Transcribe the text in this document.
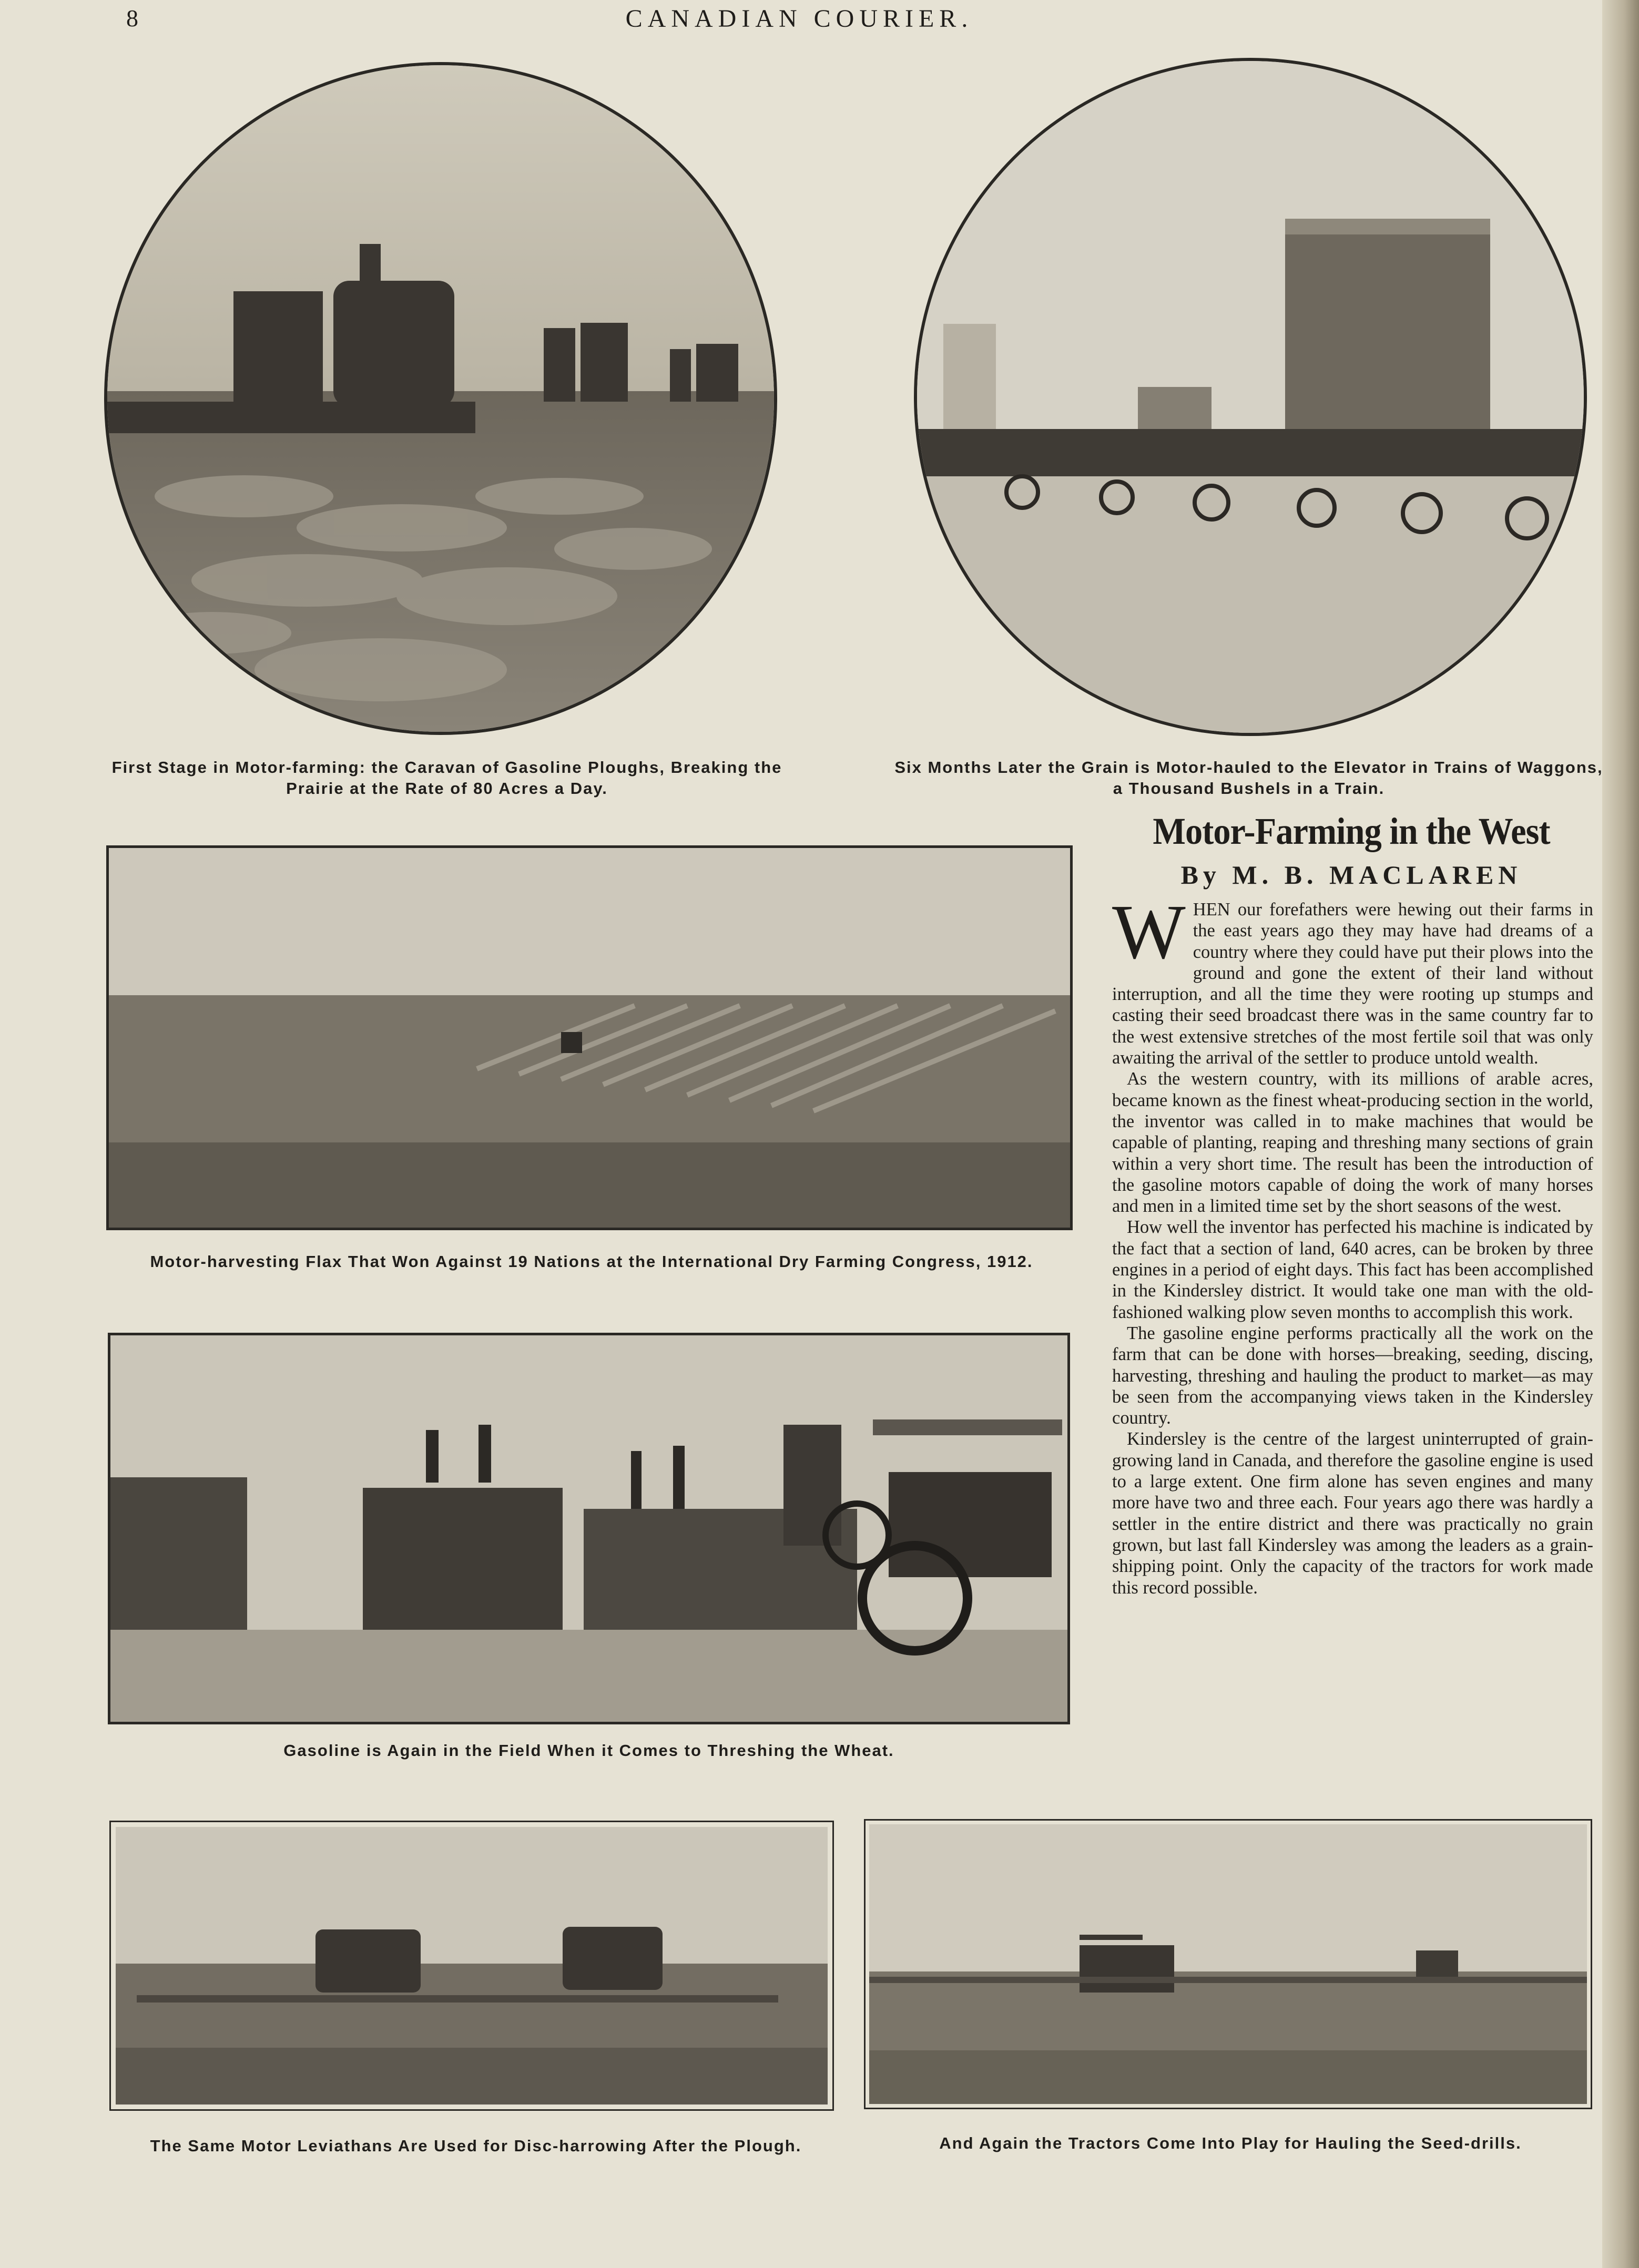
8	CANADIAN COURIER.
First Stage in Motor-farming: the Caravan of Gasoline Ploughs, Breaking the Prairie at the Rate of 80 Acres a Day.
Six Months Later the Grain is Motor-hauled to the Elevator in Trains of Waggons, a Thousand Bushels in a Train.
Motor-Farming in the West
By M. B. MACLAREN
Motor-harvesting Flax That Won Against 19 Nations at the International Dry Farming Congress, 1912.
Gasoline is Again in the Field When it Comes to Threshing the Wheat.

WHEN our forefathers were hewing out their farms in the east years ago they may have had dreams of a country where they could have put their plows into the ground and gone the extent of their land without interruption, and all the time they were rooting up stumps and casting their seed broadcast there was in the same country far to the west extensive stretches of the most fertile soil that was only awaiting the arrival of the settler to produce untold wealth.

As the western country, with its millions of arable acres, became known as the finest wheat-producing section in the world, the inventor was called in to make machines that would be capable of planting, reaping and threshing many sections of grain within a very short time. The result has been the introduction of the gasoline motors capable of doing the work of many horses and men in a limited time set by the short seasons of the west.

How well the inventor has perfected his machine is indicated by the fact that a section of land, 640 acres, can be broken by three engines in a period of eight days. This fact has been accomplished in the Kindersley district. It would take one man with the old-fashioned walking plow seven months to accomplish this work.

The gasoline engine performs practically all the work on the farm that can be done with horses—breaking, seeding, discing, harvesting, threshing and hauling the product to market—as may be seen from the accompanying views taken in the Kindersley country.

Kindersley is the centre of the largest uninterrupted of grain-growing land in Canada, and therefore the gasoline engine is used to a large extent. One firm alone has seven engines and many more have two and three each. Four years ago there was hardly a settler in the entire district and there was practically no grain grown, but last fall Kindersley was among the leaders as a grain-shipping point. Only the capacity of the tractors for work made this record possible.

The Same Motor Leviathans Are Used for Disc-harrowing After the Plough.	And Again the Tractors Come Into Play for Hauling the Seed-drills.
